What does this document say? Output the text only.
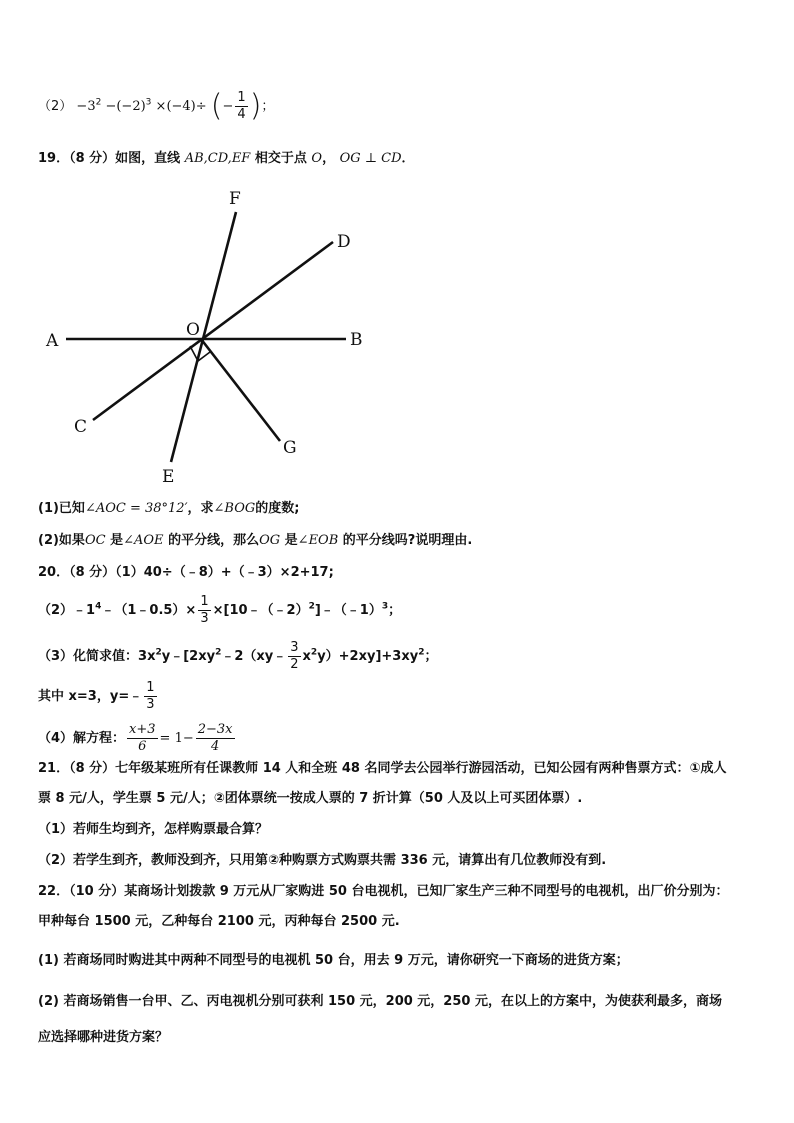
$(2) -3^2 -(-2)^3 \times(-4)\div$ (− $\frac{1}{4}$ )；
19．（8 分）如图，直线 AB,CD,EF 相交于点 O， OG ⊥ CD．
F
D
A
O	B
C
G
E
(1)已知∠AOC = 38°12′，求∠BOG的度数;
(2)如果OC 是∠AOE 的平分线，那么OG 是∠EOB 的平分线吗?说明理由.
20．（8 分）（1）40÷（﹣8）+（﹣3）×2+17;
$(2)﹣1^4﹣(1﹣0.5)\times \frac{1}{3}$ ×[10﹣（﹣2）$^2$]﹣（﹣1）$^3$；
（3）化简求值：$3x^2y﹣[2xy^2﹣2(xy﹣ \frac{3}{2} x^2y)+2xy]+3xy^2$；
其中 x=3，y=﹣ $\frac{1}{3}$
（4）解方程： $\frac{x+3}{6} = 1- \frac{2-3x}{4}$
21．（8 分）七年级某班所有任课教师 14 人和全班 48 名同学去公园举行游园活动，已知公园有两种售票方式：①成人
票 8 元/人，学生票 5 元/人；②团体票统一按成人票的 7 折计算（50 人及以上可买团体票）.
（1）若师生均到齐，怎样购票最合算？
（2）若学生到齐，教师没到齐，只用第②种购票方式购票共需 336 元，请算出有几位教师没有到.
22．（10 分）某商场计划拨款 9 万元从厂家购进 50 台电视机，已知厂家生产三种不同型号的电视机，出厂价分别为：
甲种每台 1500 元，乙种每台 2100 元，丙种每台 2500 元.
(1) 若商场同时购进其中两种不同型号的电视机 50 台，用去 9 万元，请你研究一下商场的进货方案；
(2) 若商场销售一台甲、乙、丙电视机分别可获利 150 元，200 元，250 元，在以上的方案中，为使获利最多，商场
应选择哪种进货方案？
